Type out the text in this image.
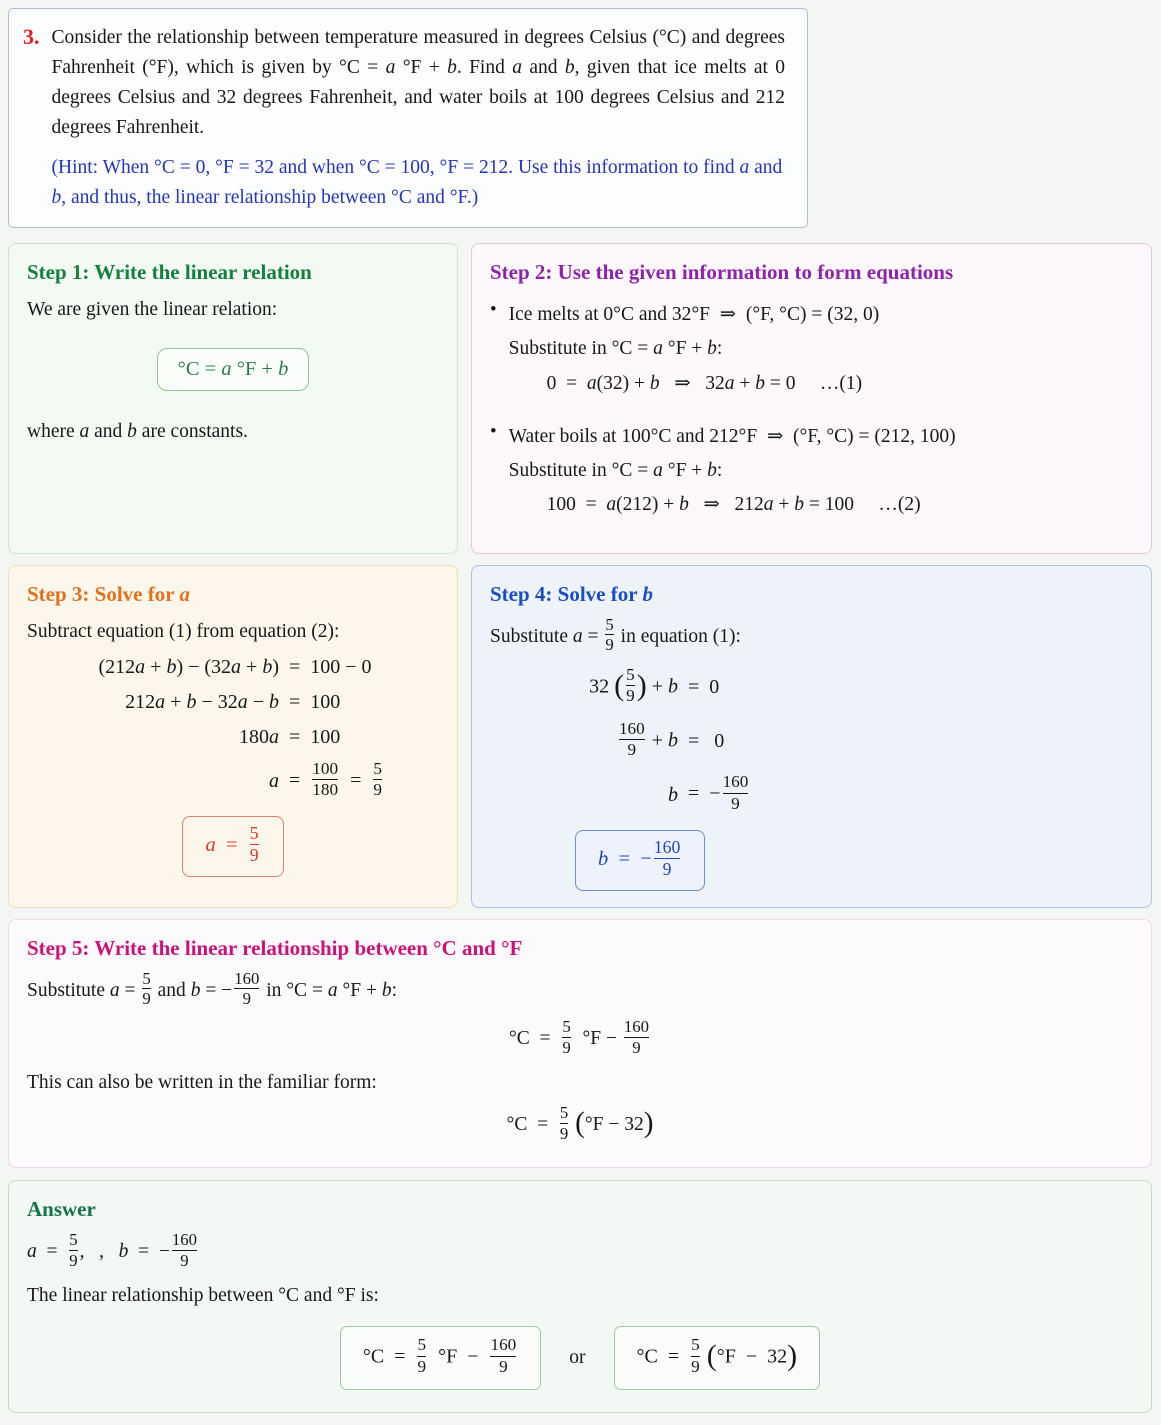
3. Consider the relationship between temperature measured in degrees Celsius (°C) and degrees Fahrenheit (°F), which is given by °C = a °F + b. Find a and b, given that ice melts at 0 degrees Celsius and 32 degrees Fahrenheit, and water boils at 100 degrees Celsius and 212 degrees Fahrenheit.

(Hint: When °C = 0, °F = 32 and when °C = 100, °F = 212. Use this information to find a and b, and thus, the linear relationship between °C and °F.)

Step 1: Write the linear relation

We are given the linear relation:

°C = a °F + b

where a and b are constants.

Step 2: Use the given information to form equations
• Ice melts at 0°C and 32°F  ⇒  (°F, °C) = (32, 0)

Substitute in °C = a °F + b:

0  =  a(32) + b   ⇒   32a + b = 0     …(1)

• Water boils at 100°C and 212°F  ⇒  (°F, °C) = (212, 100)

Substitute in °C = a °F + b:

100  =  a(212) + b   ⇒   212a + b = 100     …(2)

Step 3: Solve for a

Subtract equation (1) from equation (2):

(212a + b) − (32a + b) =  100 − 0
212a + b − 32a − b =  100
180a =  100
$a = \frac{100}{180} = \frac{5}{9}$
$a = \frac{5}{9}$
Step 4: Solve for b

Substitute $a = \frac{5}{9}$ in equation (1):

32 ( $\frac{5}{9}$ ) + b =  0
$\frac{160}{9} + b = 0$
b =  − $\frac{160}{9}$
b  =  − $\frac{160}{9}$
Step 5: Write the linear relationship between °C and °F

Substitute $a = \frac{5}{9}$ and b = − $\frac{160}{9}$ in °C = a °F + b:

$^\circ C = \frac{5}{9} ^\circ F - \frac{160}{9}$

This can also be written in the familiar form:

$^\circ C = \frac{5}{9} (^\circ F - 32)$

Answer

$a = \frac{5}{9}$ ,   ,   b  =  − $\frac{160}{9}$

The linear relationship between °C and °F is:

$^\circ C = \frac{5}{9} ^\circ F - \frac{160}{9}$	or	$^\circ C = \frac{5}{9} (^\circ F - 32)$
